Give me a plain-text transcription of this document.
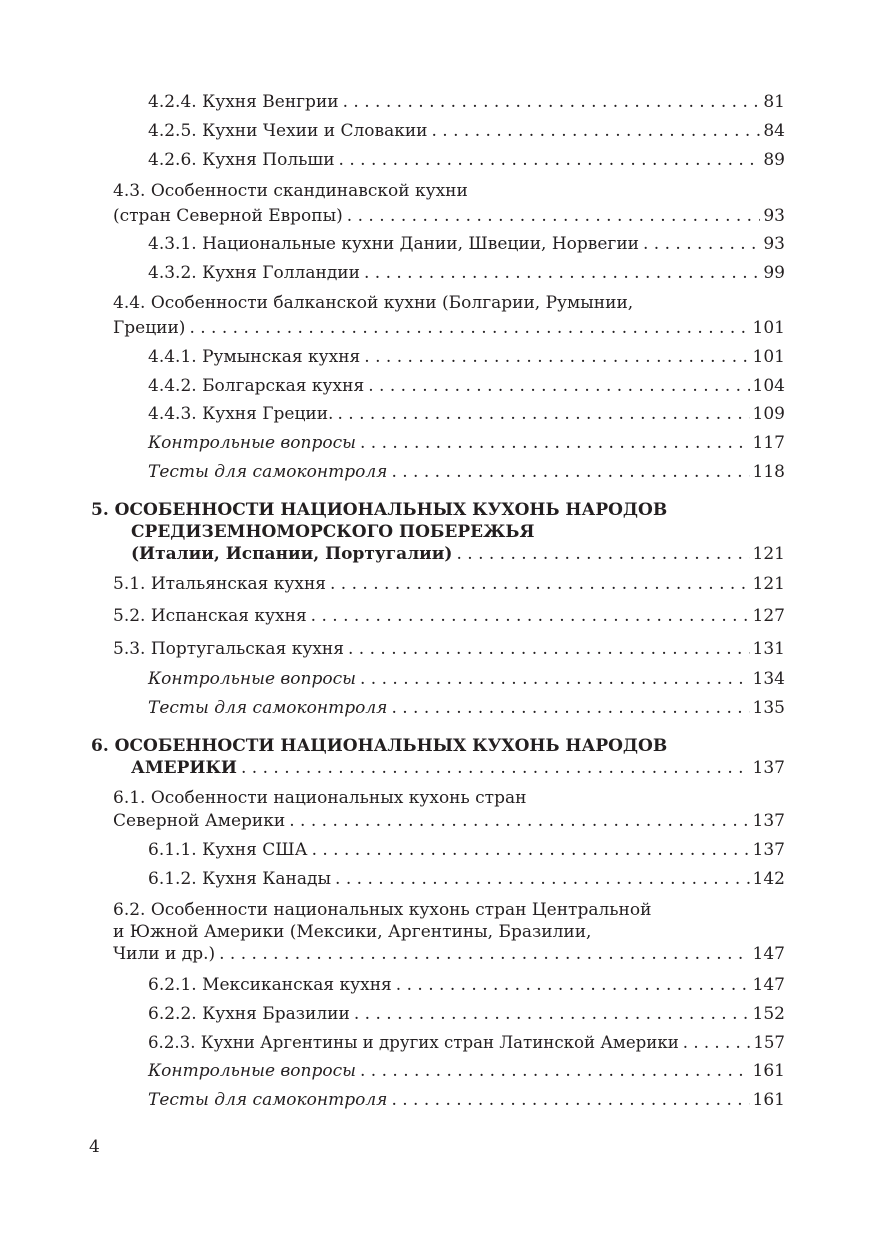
4.2.4. Кухня Венгрии . . .	81
4.2.5. Кухни Чехии и Словакии . . .	84
4.2.6. Кухня Польши . . .	89
4.3. Особенности скандинавской кухни
(стран Северной Европы) . . .	93
4.3.1. Национальные кухни Дании, Швеции, Норвегии . . .	93
4.3.2. Кухня Голландии . . .	99
4.4. Особенности балканской кухни (Болгарии, Румынии,
Греции) . . .	101
4.4.1. Румынская кухня . . .	101
4.4.2. Болгарская кухня . . .	104
4.4.3. Кухня Греции. . . .	109
Контрольные вопросы . . .	117
Тесты для самоконтроля . . .	118
5. ОСОБЕННОСТИ НАЦИОНАЛЬНЫХ КУХОНЬ НАРОДОВ
СРЕДИЗЕМНОМОРСКОГО ПОБЕРЕЖЬЯ
(Италии, Испании, Португалии) . . .	121
5.1. Итальянская кухня . . .	121
5.2. Испанская кухня . . .	127
5.3. Португальская кухня . . .	131
Контрольные вопросы . . .	134
Тесты для самоконтроля . . .	135
6. ОСОБЕННОСТИ НАЦИОНАЛЬНЫХ КУХОНЬ НАРОДОВ
АМЕРИКИ . . .	137
6.1. Особенности национальных кухонь стран
Северной Америки . . .	137
6.1.1. Кухня США . . .	137
6.1.2. Кухня Канады . . .	142
6.2. Особенности национальных кухонь стран Центральной
и Южной Америки (Мексики, Аргентины, Бразилии,
Чили и др.) . . .	147
6.2.1. Мексиканская кухня . . .	147
6.2.2. Кухня Бразилии . . .	152
6.2.3. Кухни Аргентины и других стран Латинской Америки . . .	157
Контрольные вопросы . . .	161
Тесты для самоконтроля . . .	161
4
